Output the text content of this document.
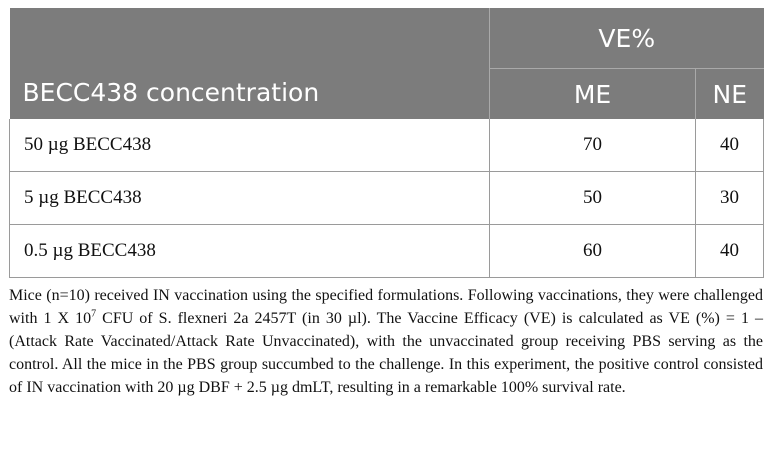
BECC438 concentration	VE%	
	ME	NE
50 µg BECC438	70	40
5 µg BECC438	50	30
0.5 µg BECC438	60	40

Mice (n=10) received IN vaccination using the specified formulations. Following vaccinations, they were challenged with 1 X $10^7$ CFU of S. flexneri 2a 2457T (in 30 µl). The Vaccine Efficacy (VE) is calculated as VE (%) = 1 – (Attack Rate Vaccinated/Attack Rate Unvaccinated), with the unvaccinated group receiving PBS serving as the control. All the mice in the PBS group succumbed to the challenge. In this experiment, the positive control consisted of IN vaccination with 20 µg DBF + 2.5 µg dmLT, resulting in a remarkable 100% survival rate.
